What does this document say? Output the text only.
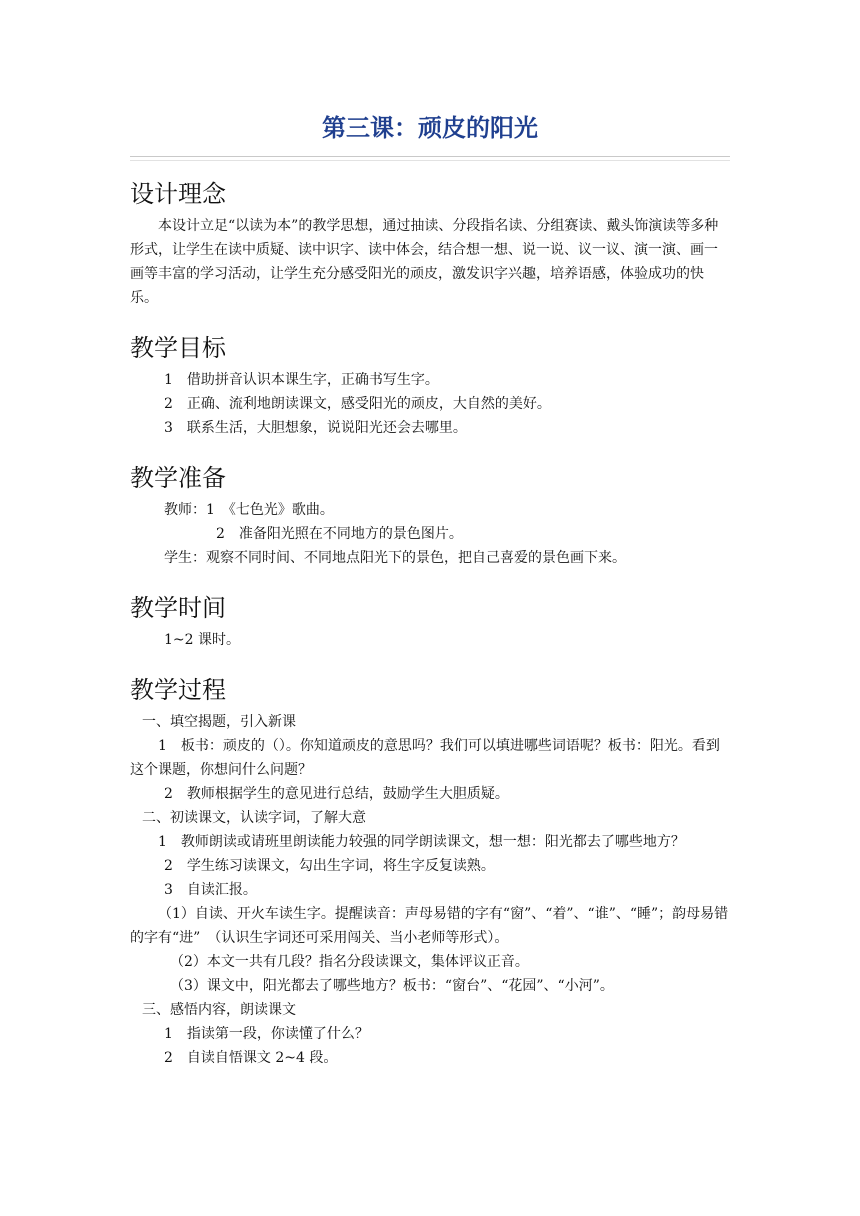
第三课：顽皮的阳光
设计理念

本设计立足“以读为本”的教学思想，通过抽读、分段指名读、分组赛读、戴头饰演读等多种形式，让学生在读中质疑、读中识字、读中体会，结合想一想、说一说、议一议、演一演、画一画等丰富的学习活动，让学生充分感受阳光的顽皮，激发识字兴趣，培养语感，体验成功的快乐。

教学目标

1　借助拼音认识本课生字，正确书写生字。

2　正确、流利地朗读课文，感受阳光的顽皮，大自然的美好。

3　联系生活，大胆想象，说说阳光还会去哪里。

教学准备

教师：1　《七色光》歌曲。

2　准备阳光照在不同地方的景色图片。

学生：观察不同时间、不同地点阳光下的景色，把自己喜爱的景色画下来。

教学时间

1~2 课时。

教学过程

一、填空揭题，引入新课

1　板书：顽皮的（）。你知道顽皮的意思吗？我们可以填进哪些词语呢？板书：阳光。看到这个课题，你想问什么问题？

2　教师根据学生的意见进行总结，鼓励学生大胆质疑。

二、初读课文，认读字词，了解大意

1　教师朗读或请班里朗读能力较强的同学朗读课文，想一想：阳光都去了哪些地方？

2　学生练习读课文，勾出生字词，将生字反复读熟。

3　自读汇报。

（1）自读、开火车读生字。提醒读音：声母易错的字有“窗”、“着”、“谁”、“睡”；韵母易错的字有“进”　（认识生字词还可采用闯关、当小老师等形式）。

（2）本文一共有几段？指名分段读课文，集体评议正音。

（3）课文中，阳光都去了哪些地方？板书：“窗台”、“花园”、“小河”。

三、感悟内容，朗读课文

1　指读第一段，你读懂了什么？

2　自读自悟课文 2~4 段。
